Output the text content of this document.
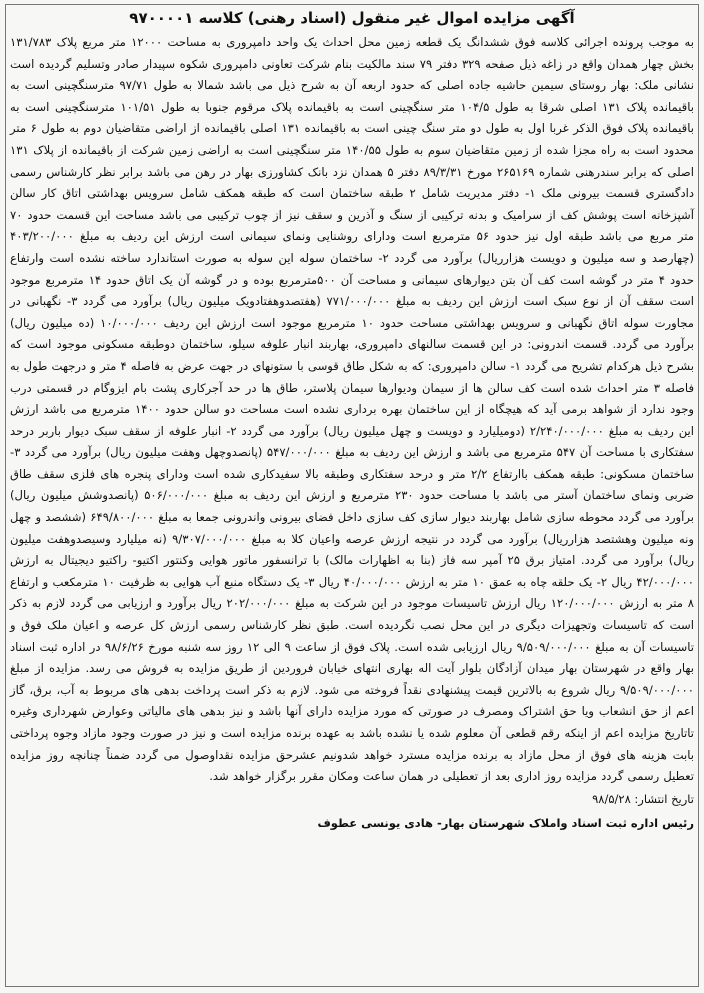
آگهی مزایده اموال غیر منقول (اسناد رهنی) کلاسه ۹۷۰۰۰۰۱

به موجب پرونده اجرائی کلاسه فوق ششدانگ یک قطعه زمین محل احداث یک واحد دامپروری به مساحت ۱۲۰۰۰ متر مربع پلاک ۱۳۱/۷۸۳ بخش چهار همدان واقع در زاغه ذیل صفحه ۳۲۹ دفتر ۷۹ سند مالکیت بنام شرکت تعاونی دامپروری شکوه سپیدار صادر وتسلیم گردیده است نشانی ملک: بهار روستای سیمین حاشیه جاده اصلی که حدود اربعه آن به شرح ذیل می باشد شمالا به طول ۹۷/۷۱ مترسنگچینی است به باقیمانده پلاک ۱۳۱ اصلی شرقا به طول ۱۰۴/۵ متر سنگچینی است به باقیمانده پلاک مرقوم جنوبا به طول ۱۰۱/۵۱ مترسنگچینی است به باقیمانده پلاک فوق الذکر غربا اول به طول دو متر سنگ چینی است به باقیمانده ۱۳۱ اصلی باقیمانده از اراضی متقاضیان دوم به طول ۶ متر محدود است به راه مجزا شده از زمین متقاضیان سوم به طول ۱۴۰/۵۵ متر سنگچینی است به اراضی زمین شرکت از باقیمانده از پلاک ۱۳۱ اصلی که برابر سندرهنی شماره ۲۶۵۱۶۹ مورخ ۸۹/۳/۳۱ دفتر ۵ همدان نزد بانک کشاورزی بهار در رهن می باشد برابر نظر کارشناس رسمی دادگستری قسمت بیرونی ملک ۱- دفتر مدیریت شامل ۲ طبقه ساختمان است که طبقه همکف شامل سرویس بهداشتی اتاق کار سالن آشپزخانه است پوشش کف از سرامیک و بدنه ترکیبی از سنگ و آذرین و سقف نیز از چوب ترکیبی می باشد مساحت این قسمت حدود ۷۰ متر مربع می باشد طبقه اول نیز حدود ۵۶ مترمربع است ودارای روشنایی ونمای سیمانی است ارزش این ردیف به مبلغ ۴۰۳/۲۰۰/۰۰۰ (چهارصد و سه میلیون و دویست هزارریال) برآورد می گردد ۲- ساختمان سوله این سوله به صورت استاندارد ساخته نشده است وارتفاع حدود ۴ متر در گوشه است کف آن بتن دیوارهای سیمانی و مساحت آن ۵۰۰مترمربع بوده و در گوشه آن یک اتاق حدود ۱۴ مترمربع موجود است سقف آن از نوع سبک است ارزش این ردیف به مبلغ ۷۷۱/۰۰۰/۰۰۰ (هفتصدوهفتادویک میلیون ریال) برآورد می گردد ۳- نگهبانی در مجاورت سوله اتاق نگهبانی و سرویس بهداشتی مساحت حدود ۱۰ مترمربع موجود است ارزش این ردیف ۱۰/۰۰۰/۰۰۰ (ده میلیون ریال) برآورد می گردد. قسمت اندرونی: در این قسمت سالنهای دامپروری، بهاربند انبار علوفه سیلو، ساختمان دوطبقه مسکونی موجود است که بشرح ذیل هرکدام تشریح می گردد ۱- سالن دامپروری: که به شکل طاق قوسی با ستونهای در جهت عرض به فاصله ۴ متر و درجهت طول به فاصله ۳ متر احداث شده است کف سالن ها از سیمان ودیوارها سیمان پلاستر، طاق ها در حد آجرکاری پشت بام ایزوگام در قسمتی درب وجود ندارد از شواهد برمی آید که هیچگاه از این ساختمان بهره برداری نشده است مساحت دو سالن حدود ۱۴۰۰ مترمربع می باشد ارزش این ردیف به مبلغ ۲/۲۴۰/۰۰۰/۰۰۰ (دومیلیارد و دویست و چهل میلیون ریال) برآورد می گردد ۲- انبار علوفه از سقف سبک دیوار باربر درحد سفتکاری با مساحت آن ۵۴۷ مترمربع می باشد و ارزش این ردیف به مبلغ ۵۴۷/۰۰۰/۰۰۰ (پانصدوچهل وهفت میلیون ریال) برآورد می گردد ۳- ساختمان مسکونی: طبقه همکف باارتفاع ۲/۲ متر و درحد سفتکاری وطبقه بالا سفیدکاری شده است ودارای پنجره های فلزی سقف طاق ضربی ونمای ساختمان آستر می باشد با مساحت حدود ۲۳۰ مترمربع و ارزش این ردیف به مبلغ ۵۰۶/۰۰۰/۰۰۰ (پانصدوشش میلیون ریال) برآورد می گردد محوطه سازی شامل بهاربند دیوار سازی کف سازی داخل فضای بیرونی واندرونی جمعا به مبلغ ۶۴۹/۸۰۰/۰۰۰ (ششصد و چهل ونه میلیون وهشتصد هزارریال) برآورد می گردد در نتیجه ارزش عرصه واعیان کلا به مبلغ ۹/۳۰۷/۰۰۰/۰۰۰ (نه میلیارد وسیصدوهفت میلیون ریال) برآورد می گردد. امتیاز برق ۲۵ آمپر سه فاز (بنا به اظهارات مالک) با ترانسفور ماتور هوایی وکنتور اکتیو- راکتیو دیجیتال به ارزش ۴۲/۰۰۰/۰۰۰ ریال ۲- یک حلقه چاه به عمق ۱۰ متر به ارزش ۴۰/۰۰۰/۰۰۰ ریال ۳- یک دستگاه منبع آب هوایی به ظرفیت ۱۰ مترمکعب و ارتفاع ۸ متر به ارزش ۱۲۰/۰۰۰/۰۰۰ ریال ارزش تاسیسات موجود در این شرکت به مبلغ ۲۰۲/۰۰۰/۰۰۰ ریال برآورد و ارزیابی می گردد لازم به ذکر است که تاسیسات وتجهیزات دیگری در این محل نصب نگردیده است. طبق نظر کارشناس رسمی ارزش کل عرصه و اعیان ملک فوق و تاسیسات آن به مبلغ ۹/۵۰۹/۰۰۰/۰۰۰ ریال ارزیابی شده است. پلاک فوق از ساعت ۹ الی ۱۲ روز سه شنبه مورخ ۹۸/۶/۲۶ در اداره ثبت اسناد بهار واقع در شهرستان بهار میدان آزادگان بلوار آیت اله بهاری انتهای خیابان فروردین از طریق مزایده به فروش می رسد. مزایده از مبلغ ۹/۵۰۹/۰۰۰/۰۰۰ ریال شروع به بالاترین قیمت پیشنهادی نقداً فروخته می شود. لازم به ذکر است پرداخت بدهی های مربوط به آب، برق، گاز اعم از حق انشعاب ویا حق اشتراک ومصرف در صورتی که مورد مزایده دارای آنها باشد و نیز بدهی های مالیاتی وعوارض شهرداری وغیره تاتاریخ مزایده اعم از اینکه رقم قطعی آن معلوم شده یا نشده باشد به عهده برنده مزایده است و نیز در صورت وجود مازاد وجوه پرداختی بابت هزینه های فوق از محل مازاد به برنده مزایده مسترد خواهد شدونیم عشرحق مزایده نقداوصول می گردد ضمناً چنانچه روز مزایده تعطیل رسمی گردد مزایده روز اداری بعد از تعطیلی در همان ساعت ومکان مقرر برگزار خواهد شد.

تاریخ انتشار: ۹۸/۵/۲۸
رئیس اداره ثبت اسناد واملاک شهرستان بهار- هادی یونسی عطوف
